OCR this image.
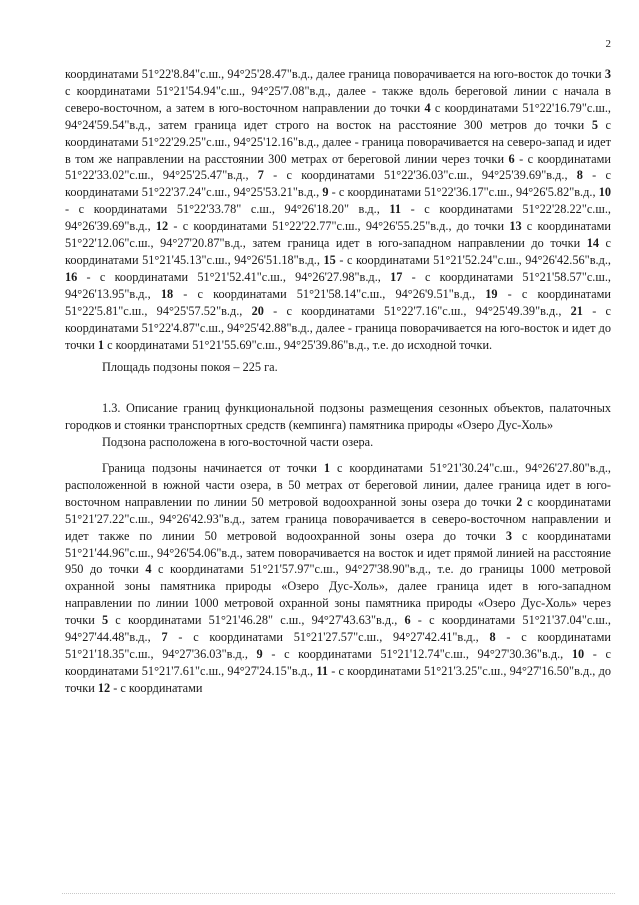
2

координатами 51°22'8.84"с.ш., 94°25'28.47"в.д., далее граница поворачивается на юго-восток до точки 3 с координатами 51°21'54.94"с.ш., 94°25'7.08"в.д., далее - также вдоль береговой линии с начала в северо-восточном, а затем в юго-восточном направлении до точки 4 с координатами 51°22'16.79"с.ш., 94°24'59.54"в.д., затем граница идет строго на восток на расстояние 300 метров до точки 5 с координатами 51°22'29.25"с.ш., 94°25'12.16"в.д., далее - граница поворачивается на северо-запад и идет в том же направлении на расстоянии 300 метрах от береговой линии через точки 6 - с координатами 51°22'33.02"с.ш., 94°25'25.47"в.д., 7 - с координатами 51°22'36.03"с.ш., 94°25'39.69"в.д., 8 - с координатами 51°22'37.24"с.ш., 94°25'53.21"в.д., 9 - с координатами 51°22'36.17"с.ш., 94°26'5.82"в.д., 10 - с координатами 51°22'33.78" с.ш., 94°26'18.20" в.д., 11 - с координатами 51°22'28.22"с.ш., 94°26'39.69"в.д., 12 - с координатами 51°22'22.77"с.ш., 94°26'55.25"в.д., до точки 13 с координатами 51°22'12.06"с.ш., 94°27'20.87"в.д., затем граница идет в юго-западном направлении до точки 14 с координатами 51°21'45.13"с.ш., 94°26'51.18"в.д., 15 - с координатами 51°21'52.24"с.ш., 94°26'42.56"в.д., 16 - с координатами 51°21'52.41"с.ш., 94°26'27.98"в.д., 17 - с координатами 51°21'58.57"с.ш., 94°26'13.95"в.д., 18 - с координатами 51°21'58.14"с.ш., 94°26'9.51"в.д., 19 - с координатами 51°22'5.81"с.ш., 94°25'57.52"в.д., 20 - с координатами 51°22'7.16"с.ш., 94°25'49.39"в.д., 21 - с координатами 51°22'4.87"с.ш., 94°25'42.88"в.д., далее - граница поворачивается на юго-восток и идет до точки 1 с координатами 51°21'55.69"с.ш., 94°25'39.86"в.д., т.е. до исходной точки.

Площадь подзоны покоя – 225 га.

1.3. Описание границ функциональной подзоны размещения сезонных объектов, палаточных городков и стоянки транспортных средств (кемпинга) памятника природы «Озеро Дус-Холь»

Подзона расположена в юго-восточной части озера.

Граница подзоны начинается от точки 1 с координатами 51°21'30.24"с.ш., 94°26'27.80"в.д., расположенной в южной части озера, в 50 метрах от береговой линии, далее граница идет в юго-восточном направлении по линии 50 метровой водоохранной зоны озера до точки 2 с координатами 51°21'27.22"с.ш., 94°26'42.93"в.д., затем граница поворачивается в северо-восточном направлении и идет также по линии 50 метровой водоохранной зоны озера до точки 3 с координатами 51°21'44.96"с.ш., 94°26'54.06"в.д., затем поворачивается на восток и идет прямой линией на расстояние 950 до точки 4 с координатами 51°21'57.97"с.ш., 94°27'38.90"в.д., т.е. до границы 1000 метровой охранной зоны памятника природы «Озеро Дус-Холь», далее граница идет в юго-западном направлении по линии 1000 метровой охранной зоны памятника природы «Озеро Дус-Холь» через точки 5 с координатами 51°21'46.28" с.ш., 94°27'43.63"в.д., 6 - с координатами 51°21'37.04"с.ш., 94°27'44.48"в.д., 7 - с координатами 51°21'27.57"с.ш., 94°27'42.41"в.д., 8 - с координатами 51°21'18.35"с.ш., 94°27'36.03"в.д., 9 - с координатами 51°21'12.74"с.ш., 94°27'30.36"в.д., 10 - с координатами 51°21'7.61"с.ш., 94°27'24.15"в.д., 11 - с координатами 51°21'3.25"с.ш., 94°27'16.50"в.д., до точки 12 - с координатами
